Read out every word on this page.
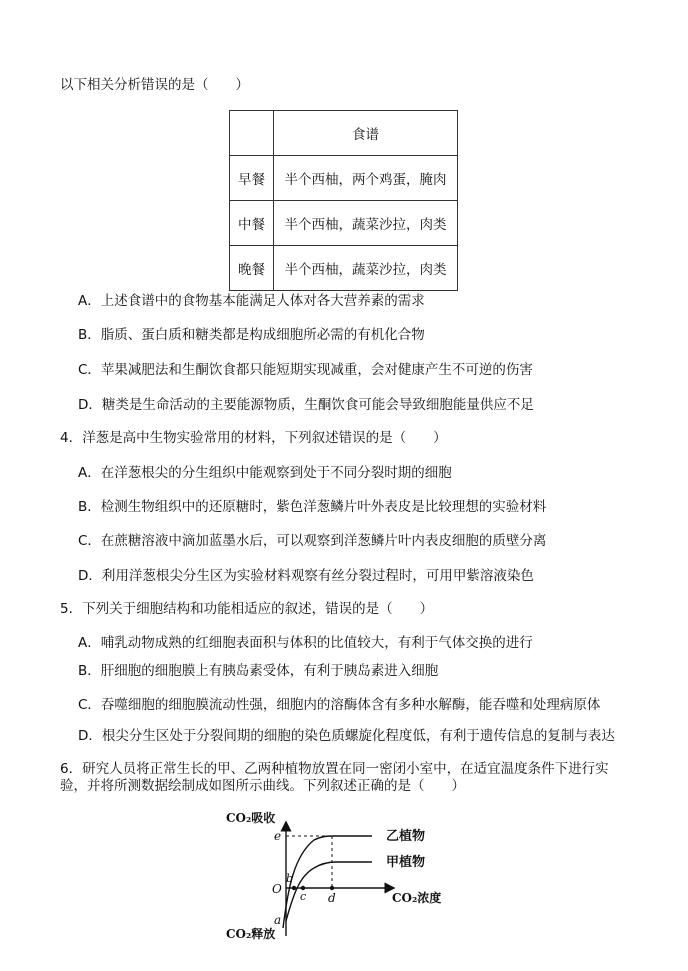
以下相关分析错误的是（　　）
	食谱
早餐	半个西柚，两个鸡蛋，腌肉
中餐	半个西柚，蔬菜沙拉，肉类
晚餐	半个西柚，蔬菜沙拉，肉类
A．上述食谱中的食物基本能满足人体对各大营养素的需求
B．脂质、蛋白质和糖类都是构成细胞所必需的有机化合物
C．苹果减肥法和生酮饮食都只能短期实现减重，会对健康产生不可逆的伤害
D．糖类是生命活动的主要能源物质，生酮饮食可能会导致细胞能量供应不足
4．洋葱是高中生物实验常用的材料，下列叙述错误的是（　　）
A．在洋葱根尖的分生组织中能观察到处于不同分裂时期的细胞
B．检测生物组织中的还原糖时，紫色洋葱鳞片叶外表皮是比较理想的实验材料
C．在蔗糖溶液中滴加蓝墨水后，可以观察到洋葱鳞片叶内表皮细胞的质壁分离
D．利用洋葱根尖分生区为实验材料观察有丝分裂过程时，可用甲紫溶液染色
5．下列关于细胞结构和功能相适应的叙述，错误的是（　　）
A．哺乳动物成熟的红细胞表面积与体积的比值较大，有利于气体交换的进行
B．肝细胞的细胞膜上有胰岛素受体，有利于胰岛素进入细胞
C．吞噬细胞的细胞膜流动性强，细胞内的溶酶体含有多种水解酶，能吞噬和处理病原体
D．根尖分生区处于分裂间期的细胞的染色质螺旋化程度低，有利于遗传信息的复制与表达
6．研究人员将正常生长的甲、乙两种植物放置在同一密闭小室中，在适宜温度条件下进行实
验，并将所测数据绘制成如图所示曲线。下列叙述正确的是（　　）
CO₂吸收
CO₂释放
CO₂浓度
O
e
b
c d
a
乙植物
甲植物
